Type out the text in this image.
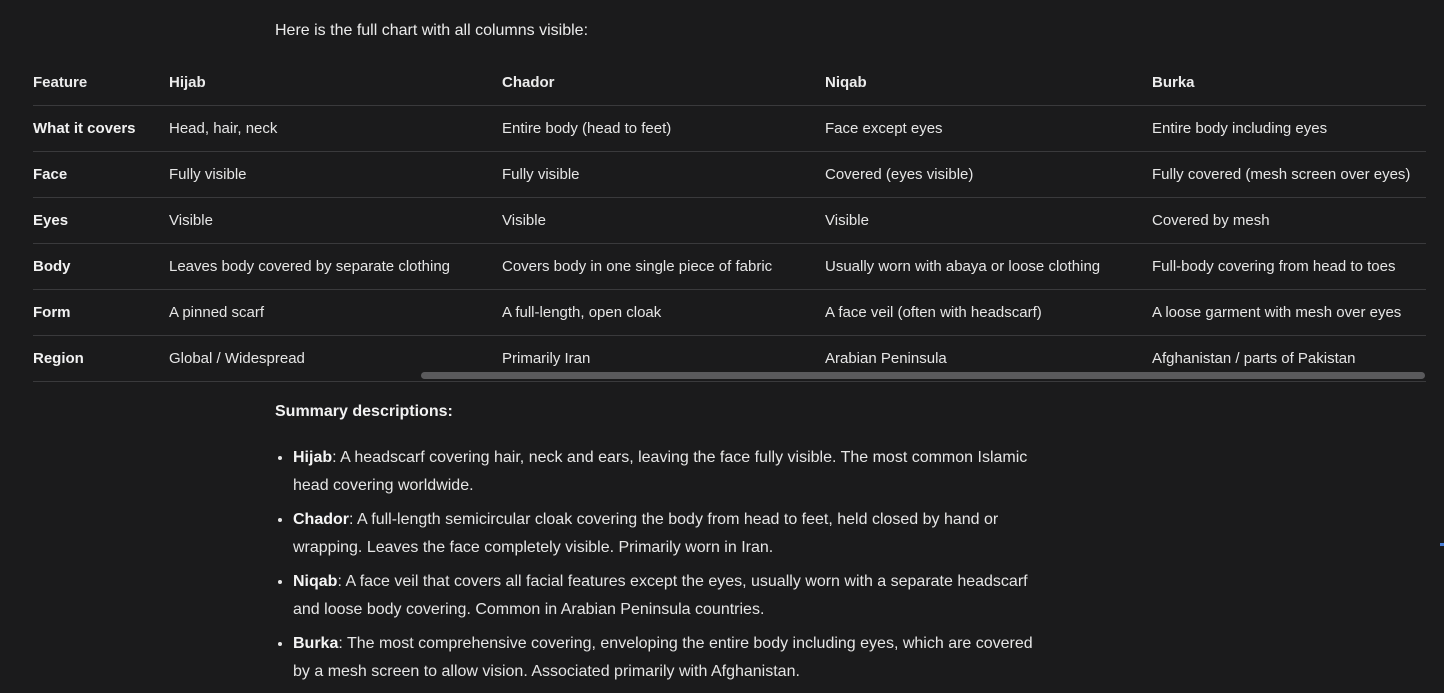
Here is the full chart with all columns visible:
Feature	Hijab	Chador	Niqab	Burka
What it covers	Head, hair, neck	Entire body (head to feet)	Face except eyes	Entire body including eyes
Face	Fully visible	Fully visible	Covered (eyes visible)	Fully covered (mesh screen over eyes)
Eyes	Visible	Visible	Visible	Covered by mesh
Body	Leaves body covered by separate clothing	Covers body in one single piece of fabric	Usually worn with abaya or loose clothing	Full-body covering from head to toes
Form	A pinned scarf	A full-length, open cloak	A face veil (often with headscarf)	A loose garment with mesh over eyes
Region	Global / Widespread	Primarily Iran	Arabian Peninsula	Afghanistan / parts of Pakistan
Summary descriptions:
• Hijab: A headscarf covering hair, neck and ears, leaving the face fully visible. The most common Islamic head covering worldwide.
• Chador: A full-length semicircular cloak covering the body from head to feet, held closed by hand or wrapping. Leaves the face completely visible. Primarily worn in Iran.
• Niqab: A face veil that covers all facial features except the eyes, usually worn with a separate headscarf and loose body covering. Common in Arabian Peninsula countries.
• Burka: The most comprehensive covering, enveloping the entire body including eyes, which are covered by a mesh screen to allow vision. Associated primarily with Afghanistan.
